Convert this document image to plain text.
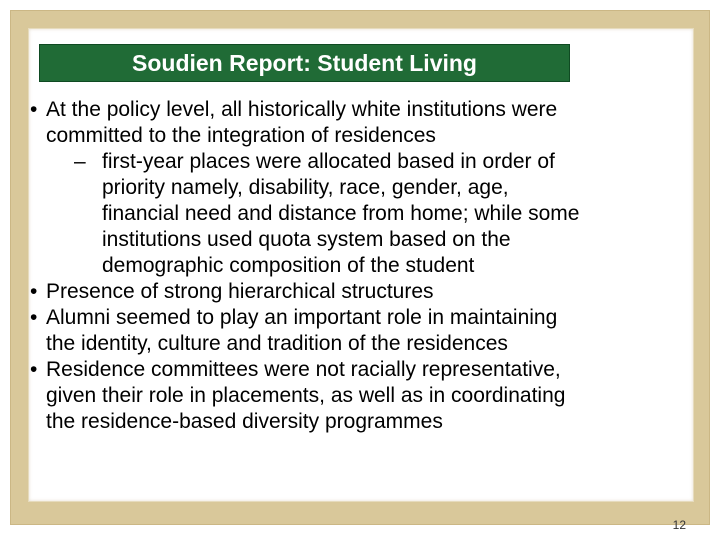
Soudien Report: Student Living
• At the policy level, all historically white institutions were
committed to the integration of residences
– first-year places were allocated based in order of
priority namely, disability, race, gender, age,
financial need and distance from home; while some
institutions used quota system based on the
demographic composition of the student
• Presence of strong hierarchical structures
• Alumni seemed to play an important role in maintaining
the identity, culture and tradition of the residences
• Residence committees were not racially representative,
given their role in placements, as well as in coordinating
the residence-based diversity programmes
12
